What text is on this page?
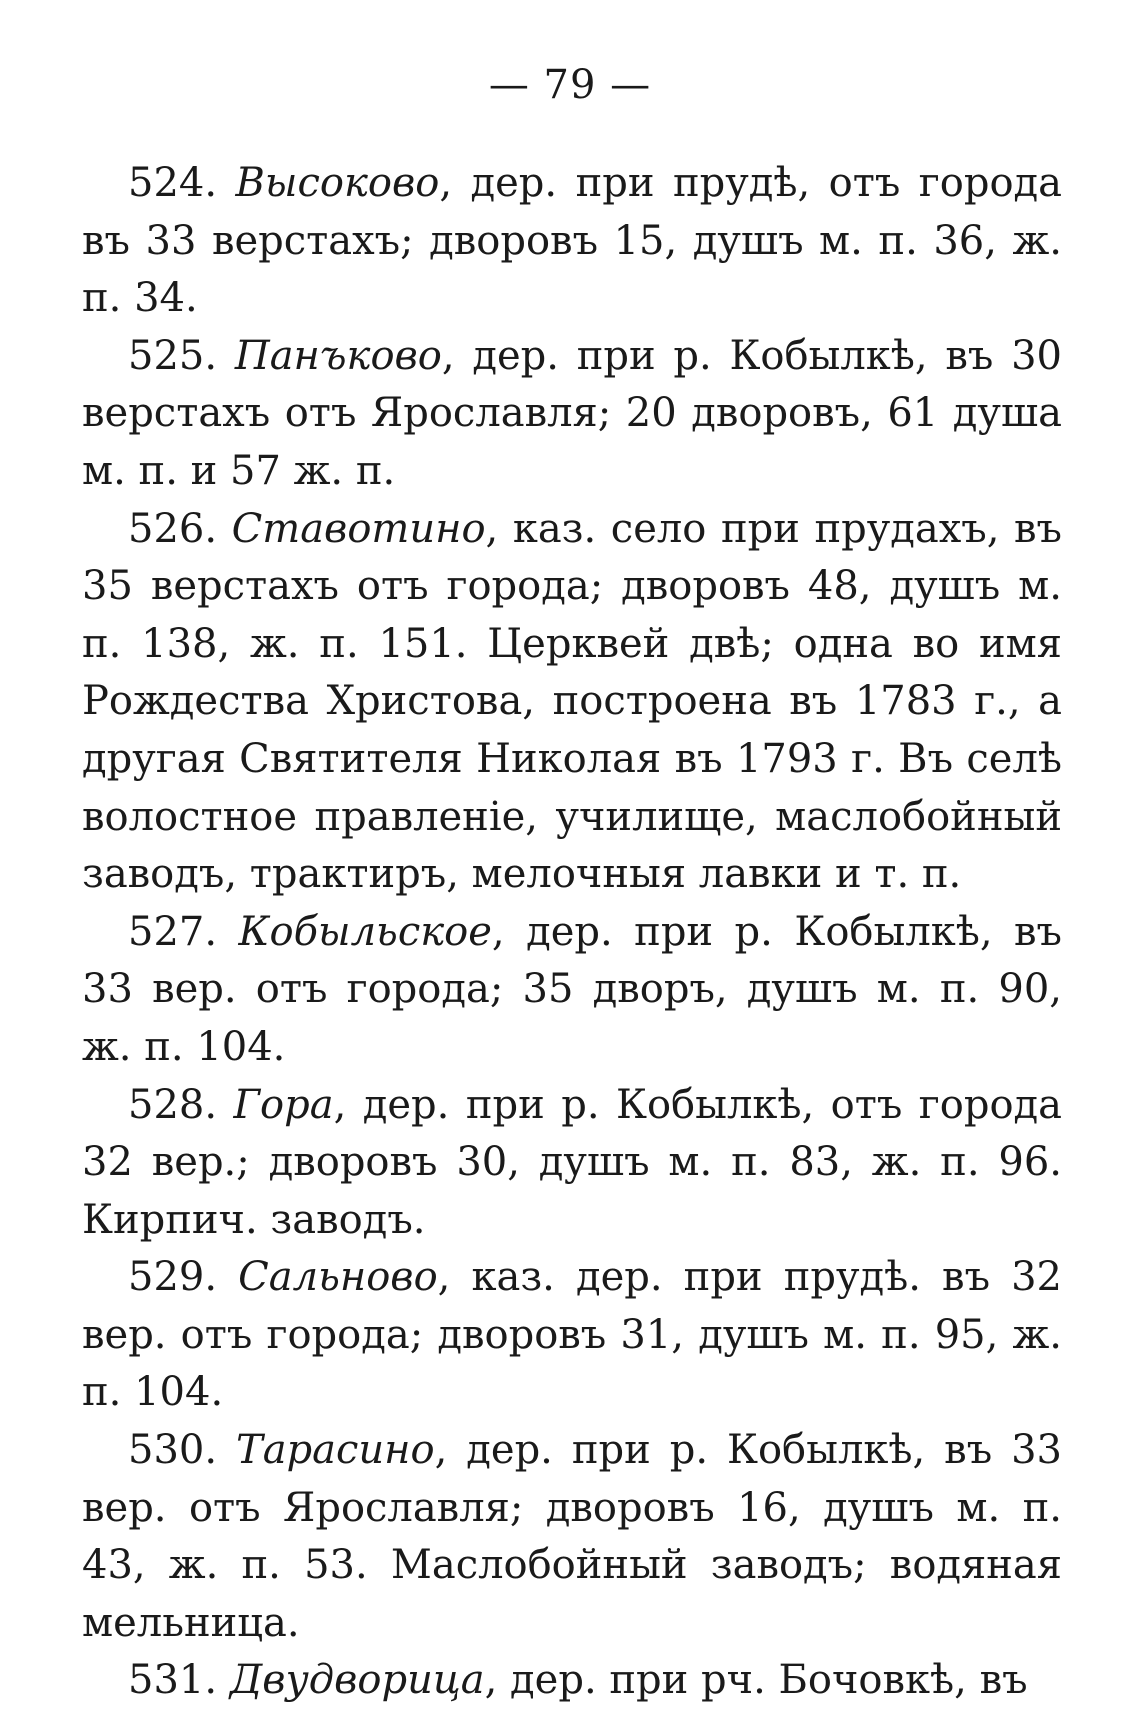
— 79 —

524. Высоково, дер. при прудѣ, отъ города въ 33 верстахъ; дворовъ 15, душъ м. п. 36, ж. п. 34.

525. Панъково, дер. при р. Кобылкѣ, въ 30 верстахъ отъ Ярославля; 20 дворовъ, 61 душа м. п. и 57 ж. п.

526. Ставотино, каз. село при прудахъ, въ 35 верстахъ отъ города; дворовъ 48, душъ м. п. 138, ж. п. 151. Церквей двѣ; одна во имя Рождества Христова, построена въ 1783 г., а другая Святителя Николая въ 1793 г. Въ селѣ волостное правленіе, училище, маслобойный заводъ, трактиръ, мелочныя лавки и т. п.

527. Кобыльское, дер. при р. Кобылкѣ, въ 33 вер. отъ города; 35 дворъ, душъ м. п. 90, ж. п. 104.

528. Гора, дер. при р. Кобылкѣ, отъ города 32 вер.; дворовъ 30, душъ м. п. 83, ж. п. 96. Кирпич. заводъ.

529. Сальново, каз. дер. при прудѣ. въ 32 вер. отъ города; дворовъ 31, душъ м. п. 95, ж. п. 104.

530. Тарасино, дер. при р. Кобылкѣ, въ 33 вер. отъ Ярославля; дворовъ 16, душъ м. п. 43, ж. п. 53. Маслобойный заводъ; водяная мельница.

531. Двудворица, дер. при рч. Бочовкѣ, въ
